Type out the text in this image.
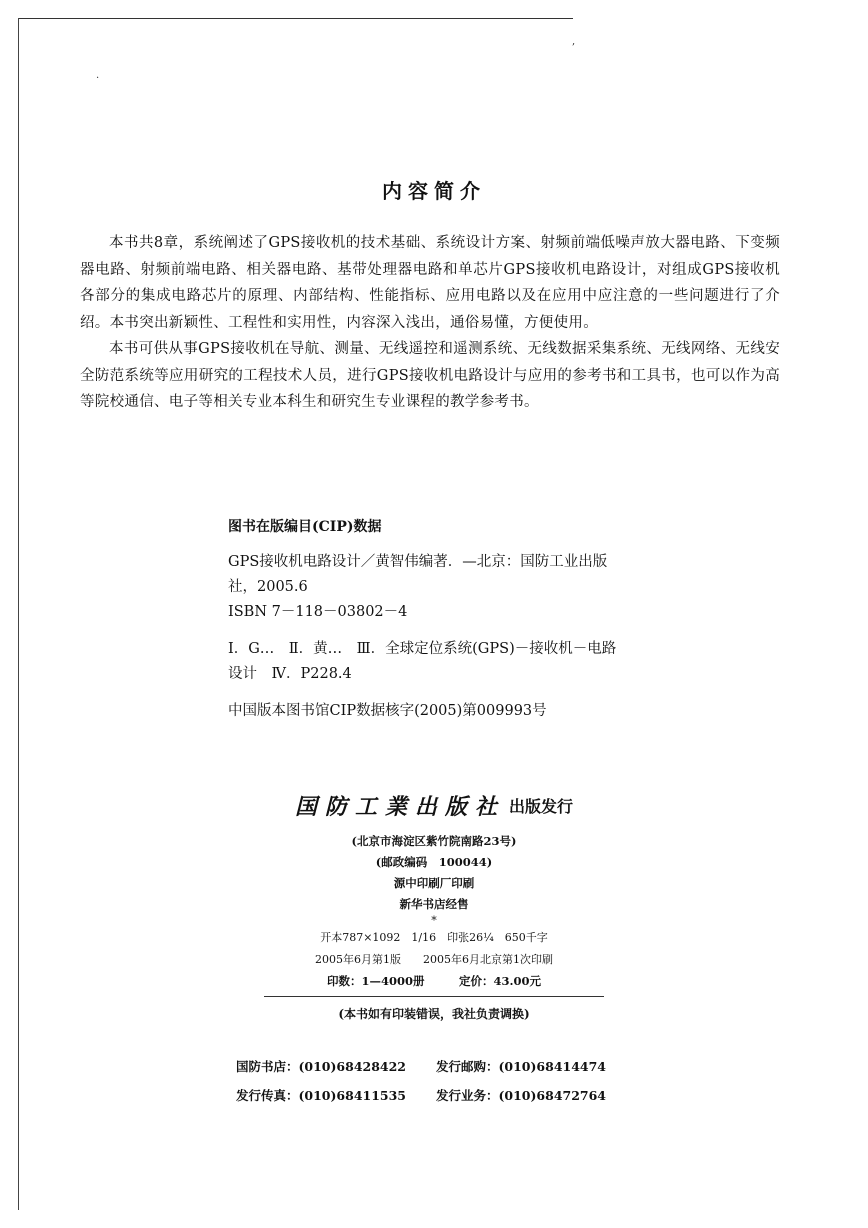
,
.
内容简介

本书共8章，系统阐述了GPS接收机的技术基础、系统设计方案、射频前端低噪声放大器电路、下变频器电路、射频前端电路、相关器电路、基带处理器电路和单芯片GPS接收机电路设计，对组成GPS接收机各部分的集成电路芯片的原理、内部结构、性能指标、应用电路以及在应用中应注意的一些问题进行了介绍。本书突出新颖性、工程性和实用性，内容深入浅出，通俗易懂，方便使用。

本书可供从事GPS接收机在导航、测量、无线遥控和遥测系统、无线数据采集系统、无线网络、无线安全防范系统等应用研究的工程技术人员，进行GPS接收机电路设计与应用的参考书和工具书，也可以作为高等院校通信、电子等相关专业本科生和研究生专业课程的教学参考书。

图书在版编目(CIP)数据

GPS接收机电路设计／黄智伟编著．—北京：国防工业出版社，2005.6

ISBN 7－118－03802－4

Ⅰ．G…　Ⅱ．黄…　Ⅲ．全球定位系统(GPS)－接收机－电路设计　Ⅳ．P228.4

中国版本图书馆CIP数据核字(2005)第009993号

国防工業出版社 出版发行
(北京市海淀区紫竹院南路23号)
(邮政编码　100044)
源中印刷厂印刷
新华书店经售
*
开本787×1092　1/16　印张26¼　650千字
2005年6月第1版　　2005年6月北京第1次印刷
印数：1—4000册　　　定价：43.00元
(本书如有印装错误，我社负责调换)
国防书店：(010)68428422	发行邮购：(010)68414474
发行传真：(010)68411535	发行业务：(010)68472764
